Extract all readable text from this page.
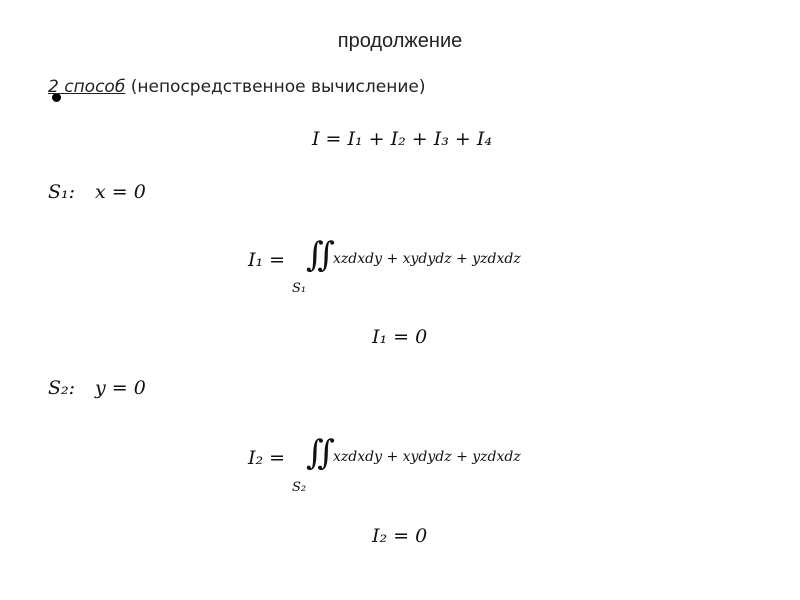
продолжение
2 способ (непосредственное вычисление)
I = I₁ + I₂ + I₃ + I₄
S₁: x = 0
I₁ = ∬
S₁
xzdxdy + xydydz + yzdxdz
I₁ = 0
S₂: y = 0
I₂ = ∬
S₂
xzdxdy + xydydz + yzdxdz
I₂ = 0
